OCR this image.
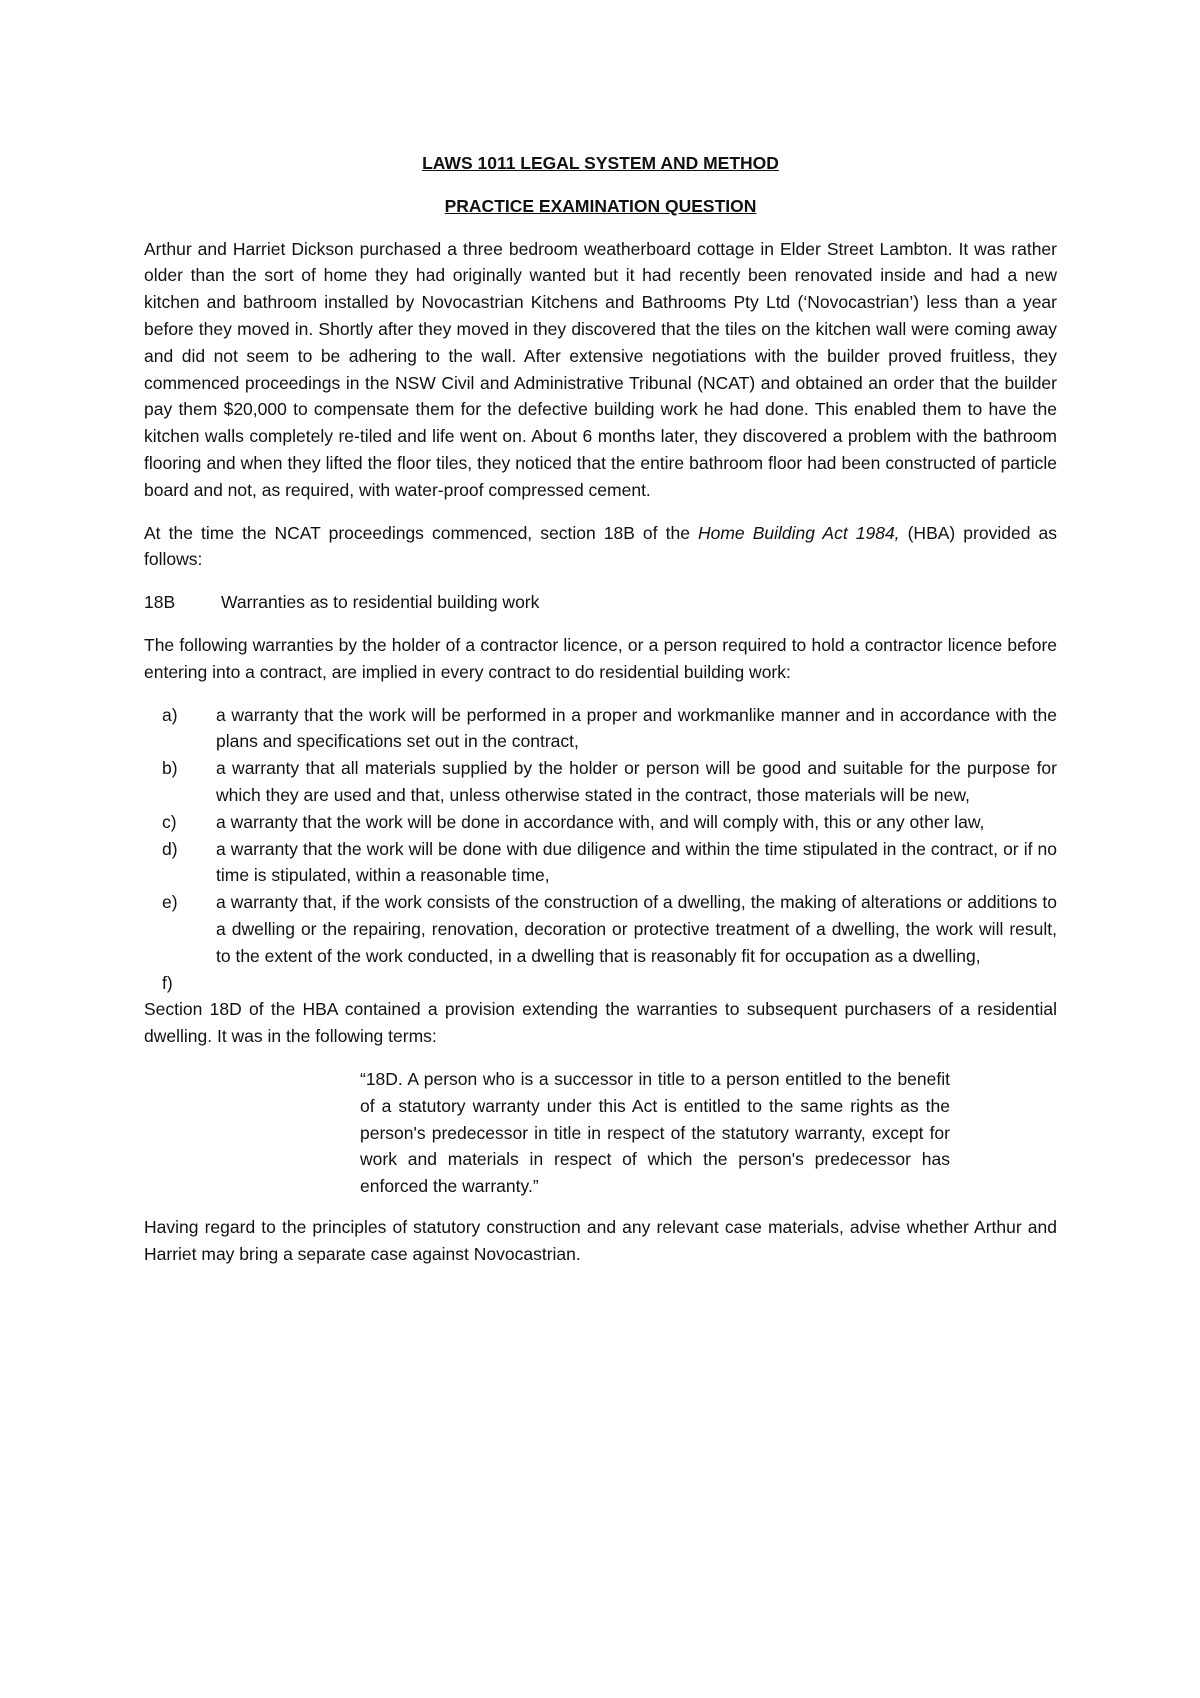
LAWS 1011 LEGAL SYSTEM AND METHOD

PRACTICE EXAMINATION QUESTION

Arthur and Harriet Dickson purchased a three bedroom weatherboard cottage in Elder Street Lambton. It was rather older than the sort of home they had originally wanted but it had recently been renovated inside and had a new kitchen and bathroom installed by Novocastrian Kitchens and Bathrooms Pty Ltd (‘Novocastrian’) less than a year before they moved in. Shortly after they moved in they discovered that the tiles on the kitchen wall were coming away and did not seem to be adhering to the wall. After extensive negotiations with the builder proved fruitless, they commenced proceedings in the NSW Civil and Administrative Tribunal (NCAT) and obtained an order that the builder pay them $20,000 to compensate them for the defective building work he had done. This enabled them to have the kitchen walls completely re-tiled and life went on. About 6 months later, they discovered a problem with the bathroom flooring and when they lifted the floor tiles, they noticed that the entire bathroom floor had been constructed of particle board and not, as required, with water-proof compressed cement.

At the time the NCAT proceedings commenced, section 18B of the Home Building Act 1984, (HBA) provided as follows:

18B	Warranties as to residential building work

The following warranties by the holder of a contractor licence, or a person required to hold a contractor licence before entering into a contract, are implied in every contract to do residential building work:

a)	a warranty that the work will be performed in a proper and workmanlike manner and in accordance with the plans and specifications set out in the contract,
b)	a warranty that all materials supplied by the holder or person will be good and suitable for the purpose for which they are used and that, unless otherwise stated in the contract, those materials will be new,
c)	a warranty that the work will be done in accordance with, and will comply with, this or any other law,
d)	a warranty that the work will be done with due diligence and within the time stipulated in the contract, or if no time is stipulated, within a reasonable time,
e)	a warranty that, if the work consists of the construction of a dwelling, the making of alterations or additions to a dwelling or the repairing, renovation, decoration or protective treatment of a dwelling, the work will result, to the extent of the work conducted, in a dwelling that is reasonably fit for occupation as a dwelling,
f)

Section 18D of the HBA contained a provision extending the warranties to subsequent purchasers of a residential dwelling. It was in the following terms:

“18D. A person who is a successor in title to a person entitled to the benefit of a statutory warranty under this Act is entitled to the same rights as the person's predecessor in title in respect of the statutory warranty, except for work and materials in respect of which the person's predecessor has enforced the warranty.”

Having regard to the principles of statutory construction and any relevant case materials, advise whether Arthur and Harriet may bring a separate case against Novocastrian.
